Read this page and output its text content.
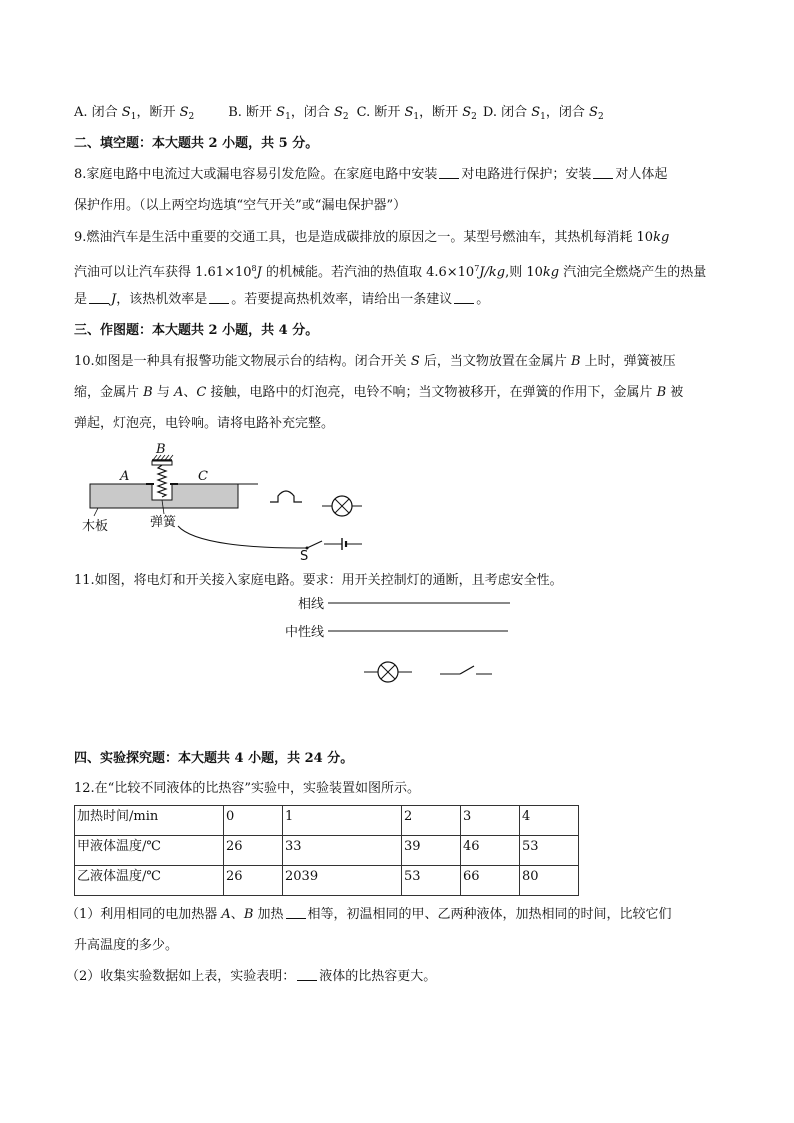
A. 闭合 $S_1$，断开 $S_2$	B. 断开 $S_1$，闭合 $S_2$ C. 断开 $S_1$，断开 $S_2$ D. 闭合 $S_1$，闭合 $S_2$
二、填空题：本大题共 2 小题，共 5 分。
8.家庭电路中电流过大或漏电容易引发危险。在家庭电路中安装 对电路进行保护；安装 对人体起
保护作用。（以上两空均选填“空气开关”或“漏电保护器”）
9.燃油汽车是生活中重要的交通工具，也是造成碳排放的原因之一。某型号燃油车，其热机每消耗 10kg
汽油可以让汽车获得 $1.61\times 10^8J$ 的机械能。若汽油的热值取 $4.6\times 10^7J/kg$,则 10kg 汽油完全燃烧产生的热量
是 J，该热机效率是 。若要提高热机效率，请给出一条建议 。
三、作图题：本大题共 2 小题，共 4 分。
10.如图是一种具有报警功能文物展示台的结构。闭合开关 S 后，当文物放置在金属片 B 上时，弹簧被压
缩，金属片 B 与 A、C 接触，电路中的灯泡亮，电铃不响；当文物被移开，在弹簧的作用下，金属片 B 被
弹起，灯泡亮，电铃响。请将电路补充完整。
B
A	C
木板	弹簧
S
11.如图，将电灯和开关接入家庭电路。要求：用开关控制灯的通断，且考虑安全性。
相线
中性线
四、实验探究题：本大题共 4 小题，共 24 分。
12.在“比较不同液体的比热容”实验中，实验装置如图所示。
加热时间/min	0	1	2	3	4
甲液体温度/℃	26	33	39	46	53
乙液体温度/℃	26	2039	53	66	80
（1）利用相同的电加热器 A、B 加热 相等，初温相同的甲、乙两种液体，加热相同的时间，比较它们
升高温度的多少。
（2）收集实验数据如上表，实验表明： 液体的比热容更大。
